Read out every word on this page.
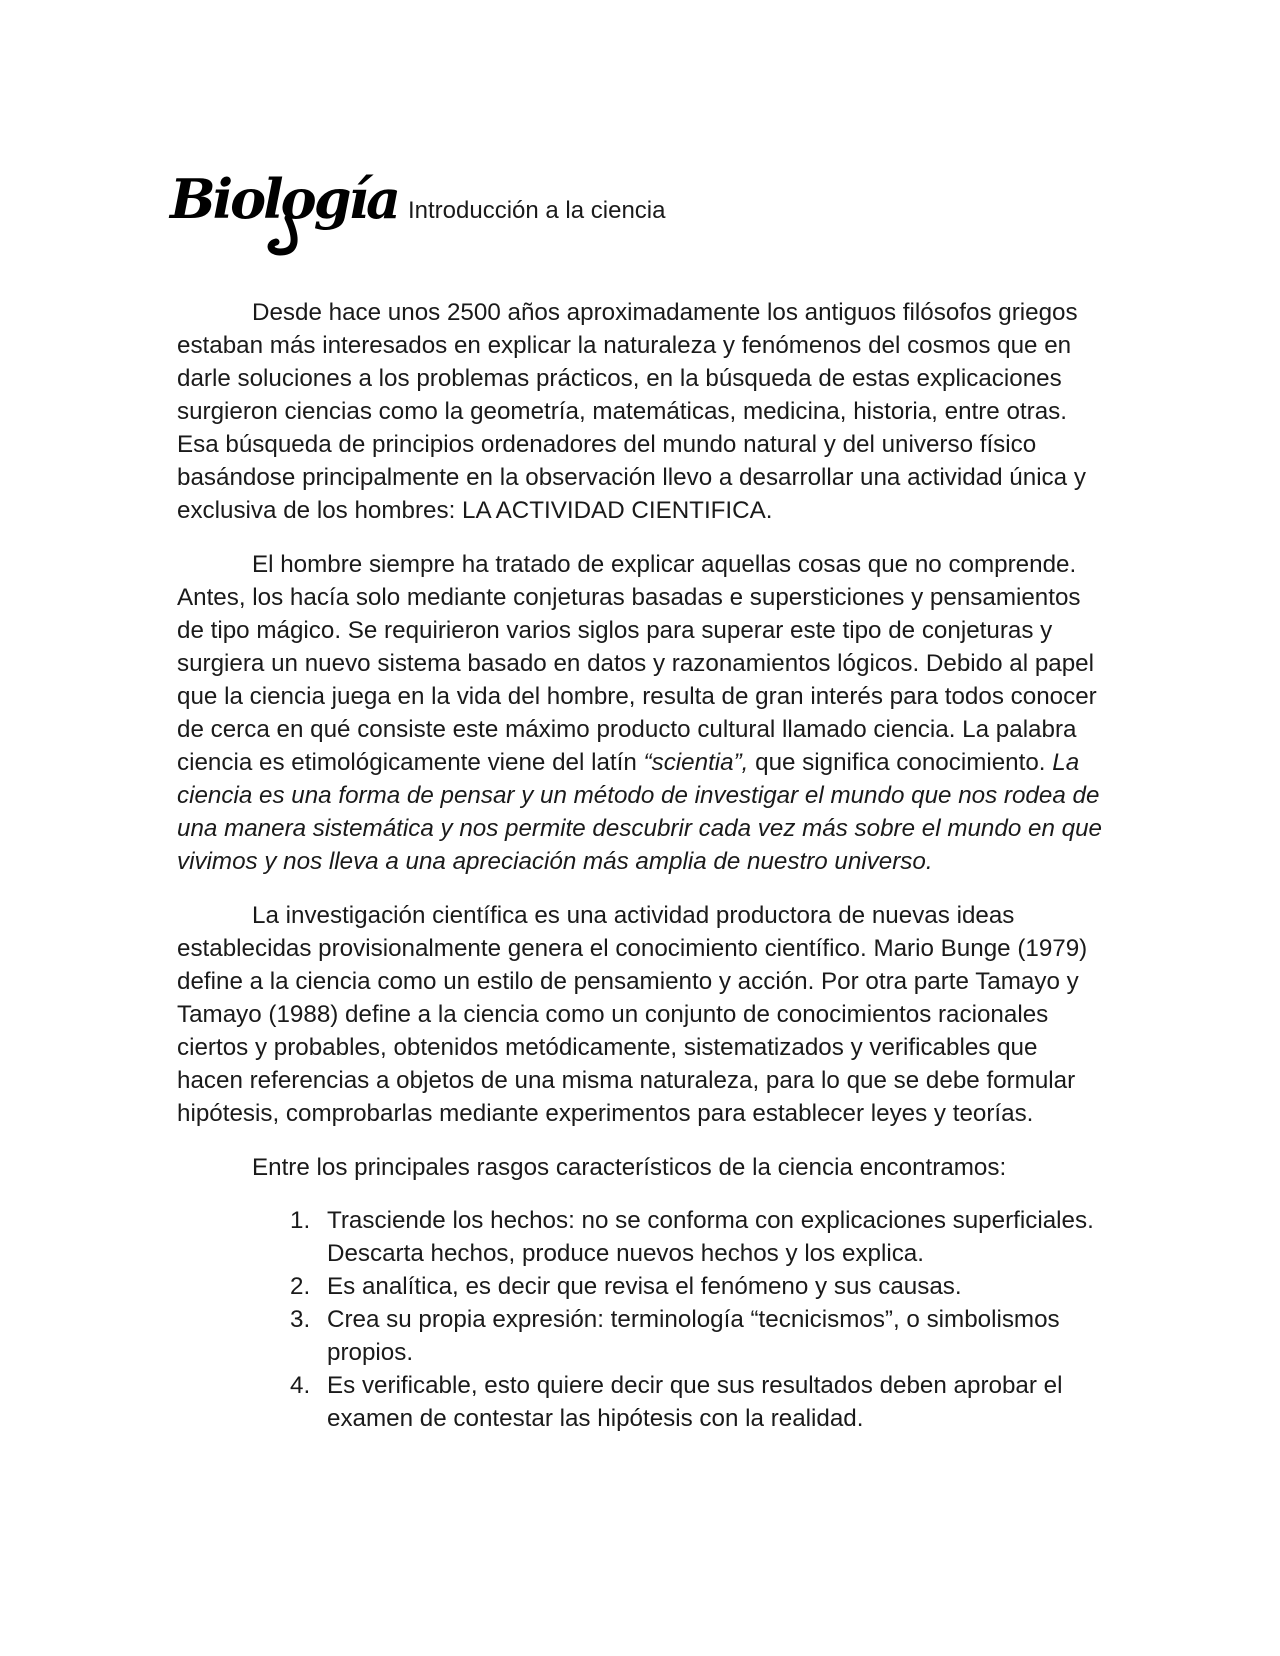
Biología Introducción a la ciencia

Desde hace unos 2500 años aproximadamente los antiguos filósofos griegos estaban más interesados en explicar la naturaleza y fenómenos del cosmos que en darle soluciones a los problemas prácticos, en la búsqueda de estas explicaciones surgieron ciencias como la geometría, matemáticas, medicina, historia, entre otras. Esa búsqueda de principios ordenadores del mundo natural y del universo físico basándose principalmente en la observación llevo a desarrollar una actividad única y exclusiva de los hombres: LA ACTIVIDAD CIENTIFICA.

El hombre siempre ha tratado de explicar aquellas cosas que no comprende. Antes, los hacía solo mediante conjeturas basadas e supersticiones y pensamientos de tipo mágico. Se requirieron varios siglos para superar este tipo de conjeturas y surgiera un nuevo sistema basado en datos y razonamientos lógicos. Debido al papel que la ciencia juega en la vida del hombre, resulta de gran interés para todos conocer de cerca en qué consiste este máximo producto cultural llamado ciencia. La palabra ciencia es etimológicamente viene del latín “scientia”, que significa conocimiento. La ciencia es una forma de pensar y un método de investigar el mundo que nos rodea de una manera sistemática y nos permite descubrir cada vez más sobre el mundo en que vivimos y nos lleva a una apreciación más amplia de nuestro universo.

La investigación científica es una actividad productora de nuevas ideas establecidas provisionalmente genera el conocimiento científico. Mario Bunge (1979) define a la ciencia como un estilo de pensamiento y acción. Por otra parte Tamayo y Tamayo (1988) define a la ciencia como un conjunto de conocimientos racionales ciertos y probables, obtenidos metódicamente, sistematizados y verificables que hacen referencias a objetos de una misma naturaleza, para lo que se debe formular hipótesis, comprobarlas mediante experimentos para establecer leyes y teorías.

Entre los principales rasgos característicos de la ciencia encontramos:

1. Trasciende los hechos: no se conforma con explicaciones superficiales. Descarta hechos, produce nuevos hechos y los explica.
2. Es analítica, es decir que revisa el fenómeno y sus causas.
3. Crea su propia expresión: terminología “tecnicismos”, o simbolismos propios.
4. Es verificable, esto quiere decir que sus resultados deben aprobar el examen de contestar las hipótesis con la realidad.
